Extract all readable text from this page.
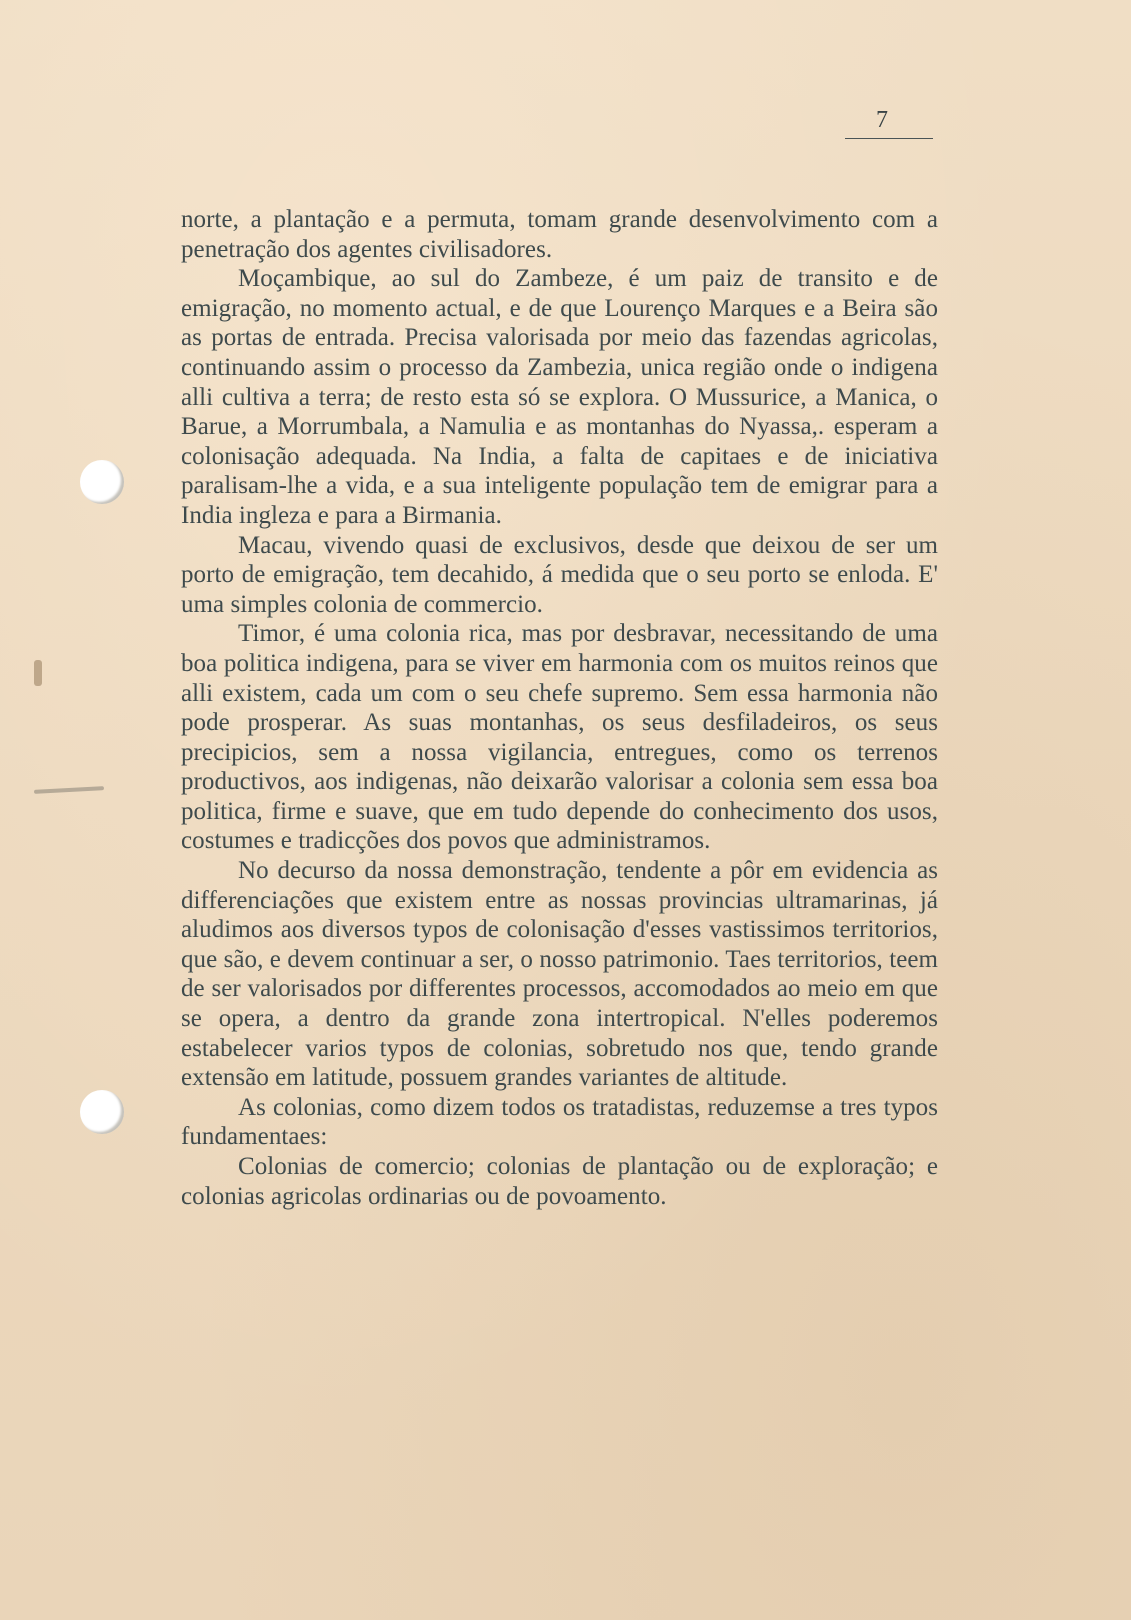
7

norte, a plantação e a permuta, tomam grande desenvolvimento com a penetração dos agentes civilisadores.

Moçambique, ao sul do Zambeze, é um paiz de transito e de emigração, no momento actual, e de que Lourenço Marques e a Beira são as portas de entrada. Precisa valorisada por meio das fazendas agricolas, continuando assim o processo da Zambezia, unica região onde o indigena alli cultiva a terra; de resto esta só se explora. O Mussurice, a Manica, o Barue, a Morrumbala, a Namulia e as montanhas do Nyassa,. esperam a colonisação adequada. Na India, a falta de capitaes e de iniciativa paralisam-lhe a vida, e a sua inteligente população tem de emigrar para a India ingleza e para a Birmania.

Macau, vivendo quasi de exclusivos, desde que deixou de ser um porto de emigração, tem decahido, á medida que o seu porto se enloda. E' uma simples colonia de commercio.

Timor, é uma colonia rica, mas por desbravar, necessitando de uma boa politica indigena, para se viver em harmonia com os muitos reinos que alli existem, cada um com o seu chefe supremo. Sem essa harmonia não pode prosperar. As suas montanhas, os seus desfiladeiros, os seus precipicios, sem a nossa vigilancia, entregues, como os terrenos productivos, aos indigenas, não deixarão valorisar a colonia sem essa boa politica, firme e suave, que em tudo depende do conhecimento dos usos, costumes e tradicções dos povos que administramos.

No decurso da nossa demonstração, tendente a pôr em evidencia as differenciações que existem entre as nossas provincias ultramarinas, já aludimos aos diversos typos de colonisação d'esses vastissimos territorios, que são, e devem continuar a ser, o nosso patrimonio. Taes territorios, teem de ser valorisados por differentes processos, accomodados ao meio em que se opera, a dentro da grande zona intertropical. N'elles poderemos estabelecer varios typos de colonias, sobretudo nos que, tendo grande extensão em latitude, possuem grandes variantes de altitude.

As colonias, como dizem todos os tratadistas, reduzemse a tres typos fundamentaes:

Colonias de comercio; colonias de plantação ou de exploração; e colonias agricolas ordinarias ou de povoamento.
